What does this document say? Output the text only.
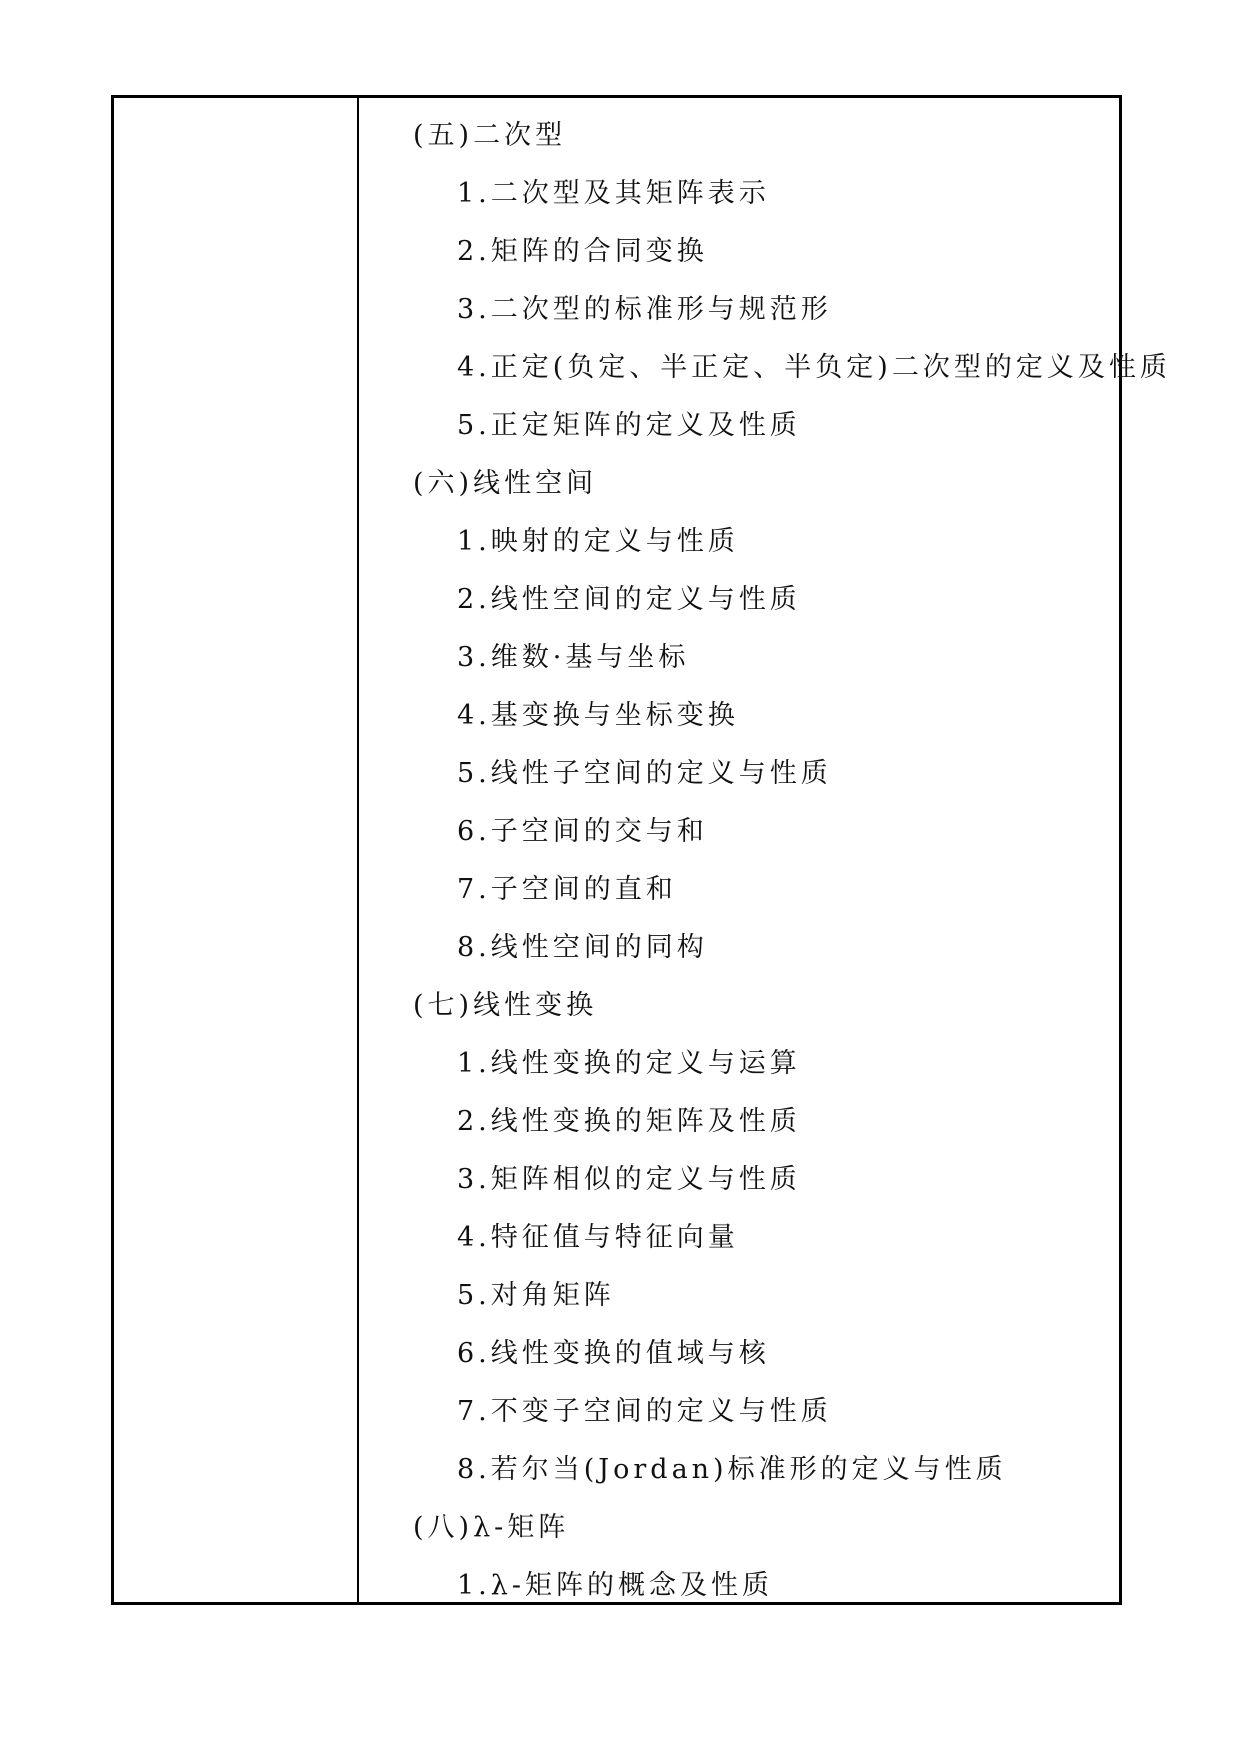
(五)二次型
1.二次型及其矩阵表示
2.矩阵的合同变换
3.二次型的标准形与规范形
4.正定(负定、半正定、半负定)二次型的定义及性质
5.正定矩阵的定义及性质
(六)线性空间
1.映射的定义与性质
2.线性空间的定义与性质
3.维数·基与坐标
4.基变换与坐标变换
5.线性子空间的定义与性质
6.子空间的交与和
7.子空间的直和
8.线性空间的同构
(七)线性变换
1.线性变换的定义与运算
2.线性变换的矩阵及性质
3.矩阵相似的定义与性质
4.特征值与特征向量
5.对角矩阵
6.线性变换的值域与核
7.不变子空间的定义与性质
8.若尔当(Jordan)标准形的定义与性质
(八)λ-矩阵
1.λ-矩阵的概念及性质
